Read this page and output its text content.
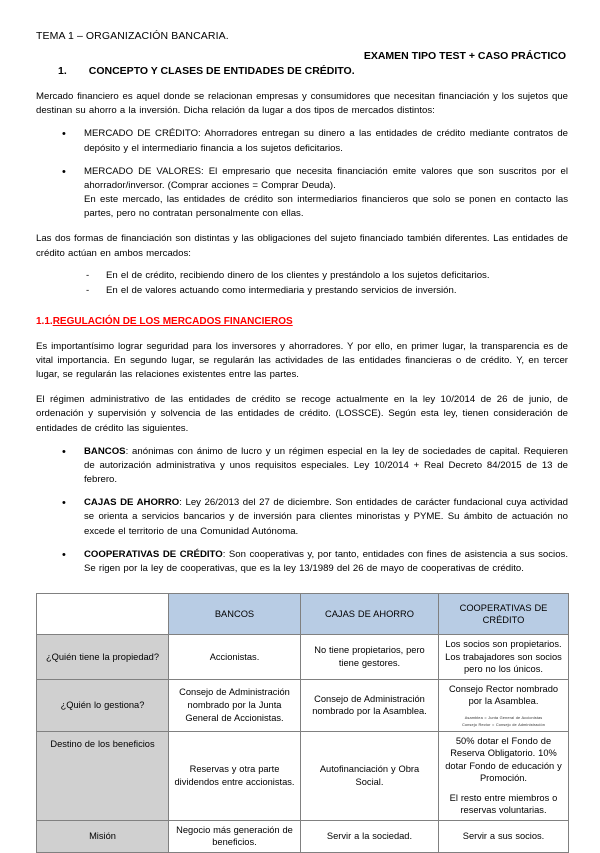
TEMA 1 – ORGANIZACIÓN BANCARIA.
EXAMEN TIPO TEST + CASO PRÁCTICO
1. CONCEPTO Y CLASES DE ENTIDADES DE CRÉDITO.

Mercado financiero es aquel donde se relacionan empresas y consumidores que necesitan financiación y los sujetos que destinan su ahorro a la inversión. Dicha relación da lugar a dos tipos de mercados distintos:

• MERCADO DE CRÉDITO: Ahorradores entregan su dinero a las entidades de crédito mediante contratos de depósito y el intermediario financia a los sujetos deficitarios.
• MERCADO DE VALORES: El empresario que necesita financiación emite valores que son suscritos por el ahorrador/inversor. (Comprar acciones = Comprar Deuda).
En este mercado, las entidades de crédito son intermediarios financieros que solo se ponen en contacto las partes, pero no contratan personalmente con ellas.

Las dos formas de financiación son distintas y las obligaciones del sujeto financiado también diferentes. Las entidades de crédito actúan en ambos mercados:

- En el de crédito, recibiendo dinero de los clientes y prestándolo a los sujetos deficitarios.
- En el de valores actuando como intermediaria y prestando servicios de inversión.
1.1.REGULACIÓN DE LOS MERCADOS FINANCIEROS

Es importantísimo lograr seguridad para los inversores y ahorradores. Y por ello, en primer lugar, la transparencia es de vital importancia. En segundo lugar, se regularán las actividades de las entidades financieras o de crédito. Y, en tercer lugar, se regularán las relaciones existentes entre las partes.

El régimen administrativo de las entidades de crédito se recoge actualmente en la ley 10/2014 de 26 de junio, de ordenación y supervisión y solvencia de las entidades de crédito. (LOSSCE). Según esta ley, tienen consideración de entidades de crédito las siguientes.

• BANCOS: anónimas con ánimo de lucro y un régimen especial en la ley de sociedades de capital. Requieren de autorización administrativa y unos requisitos especiales. Ley 10/2014 + Real Decreto 84/2015 de 13 de febrero.
• CAJAS DE AHORRO: Ley 26/2013 del 27 de diciembre. Son entidades de carácter fundacional cuya actividad se orienta a servicios bancarios y de inversión para clientes minoristas y PYME. Su ámbito de actuación no excede el territorio de una Comunidad Autónoma.
• COOPERATIVAS DE CRÉDITO: Son cooperativas y, por tanto, entidades con fines de asistencia a sus socios. Se rigen por la ley de cooperativas, que es la ley 13/1989 del 26 de mayo de cooperativas de crédito.
	BANCOS	CAJAS DE AHORRO	COOPERATIVAS DE CRÉDITO
¿Quién tiene la propiedad?	Accionistas.	No tiene propietarios, pero tiene gestores.	Los socios son propietarios. Los trabajadores son socios pero no los únicos.
¿Quién lo gestiona?	Consejo de Administración nombrado por la Junta General de Accionistas.	Consejo de Administración nombrado por la Asamblea.	Consejo Rector nombrado por la Asamblea.
Asamblea = Junta General de Accionistas
Consejo Rector = Consejo de Administración

Destino de los beneficios	Reservas y otra parte dividendos entre accionistas.	Autofinanciación y Obra Social.	50% dotar el Fondo de Reserva Obligatorio. 10% dotar Fondo de educación y Promoción.
El resto entre miembros o reservas voluntarias.
Misión	Negocio más generación de beneficios.	Servir a la sociedad.	Servir a sus socios.
